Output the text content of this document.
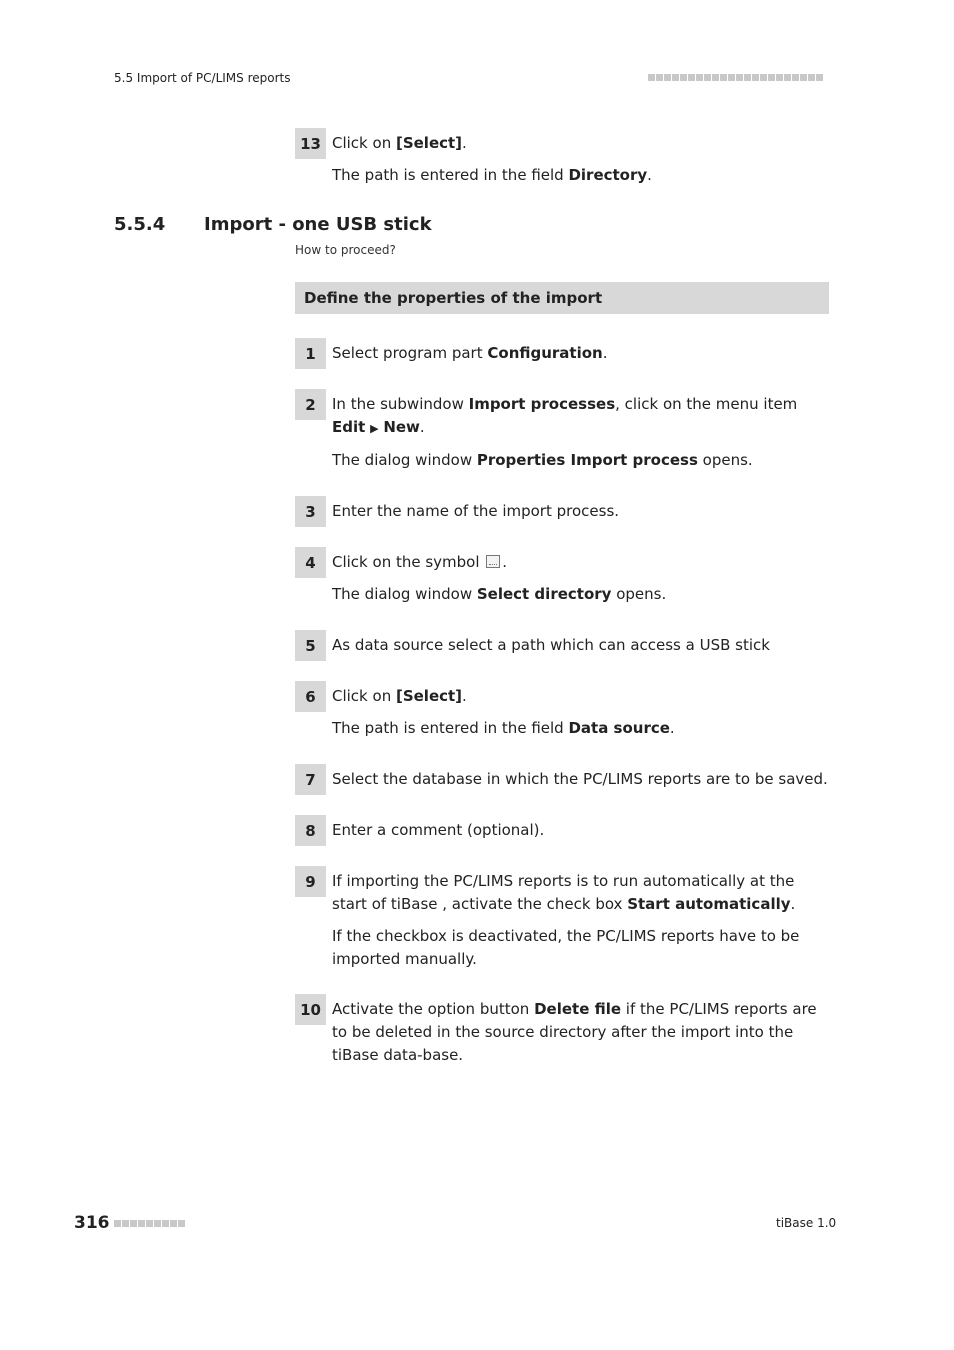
5.5 Import of PC/LIMS reports
13 Click on [Select].
The path is entered in the field Directory.
5.5.4 Import - one USB stick
How to proceed?
Define the properties of the import
1	Select program part Configuration.
2	In the subwindow Import processes, click on the menu item
Edit ▶ New.
The dialog window Properties Import process opens.
3	Enter the name of the import process.
4	Click on the symbol .
The dialog window Select directory opens.
5	As data source select a path which can access a USB stick
6	Click on [Select].
The path is entered in the field Data source.
7	Select the database in which the PC/LIMS reports are to be saved.
8	Enter a comment (optional).
9	If importing the PC/LIMS reports is to run automatically at the start of tiBase , activate the check box Start automatically.
If the checkbox is deactivated, the PC/LIMS reports have to be imported manually.
10 Activate the option button Delete file if the PC/LIMS reports are to be deleted in the source directory after the import into the tiBase data-base.
316	tiBase 1.0
